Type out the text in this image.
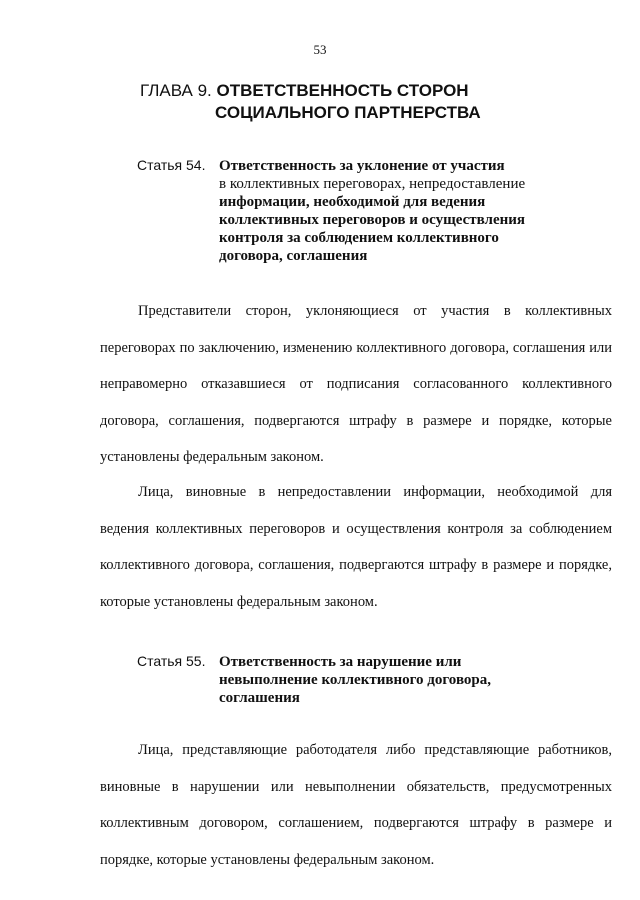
53
ГЛАВА 9. ОТВЕТСТВЕННОСТЬ СТОРОН
СОЦИАЛЬНОГО ПАРТНЕРСТВА
Статья 54. Ответственность за уклонение от участия
в коллективных переговорах, непредоставление
информации, необходимой для ведения
коллективных переговоров и осуществления
контроля за соблюдением коллективного
договора, соглашения

Представители сторон, уклоняющиеся от участия в коллективных переговорах по заключению, изменению коллективного договора, соглашения или неправомерно отказавшиеся от подписания согласованного коллективного договора, соглашения, подвергаются штрафу в размере и порядке, которые установлены федеральным законом.

Лица, виновные в непредоставлении информации, необходимой для ведения коллективных переговоров и осуществления контроля за соблюдением коллективного договора, соглашения, подвергаются штрафу в размере и порядке, которые установлены федеральным законом.

Статья 55. Ответственность за нарушение или
невыполнение коллективного договора,
соглашения

Лица, представляющие работодателя либо представляющие работников, виновные в нарушении или невыполнении обязательств, предусмотренных коллективным договором, соглашением, подвергаются штрафу в размере и порядке, которые установлены федеральным законом.
